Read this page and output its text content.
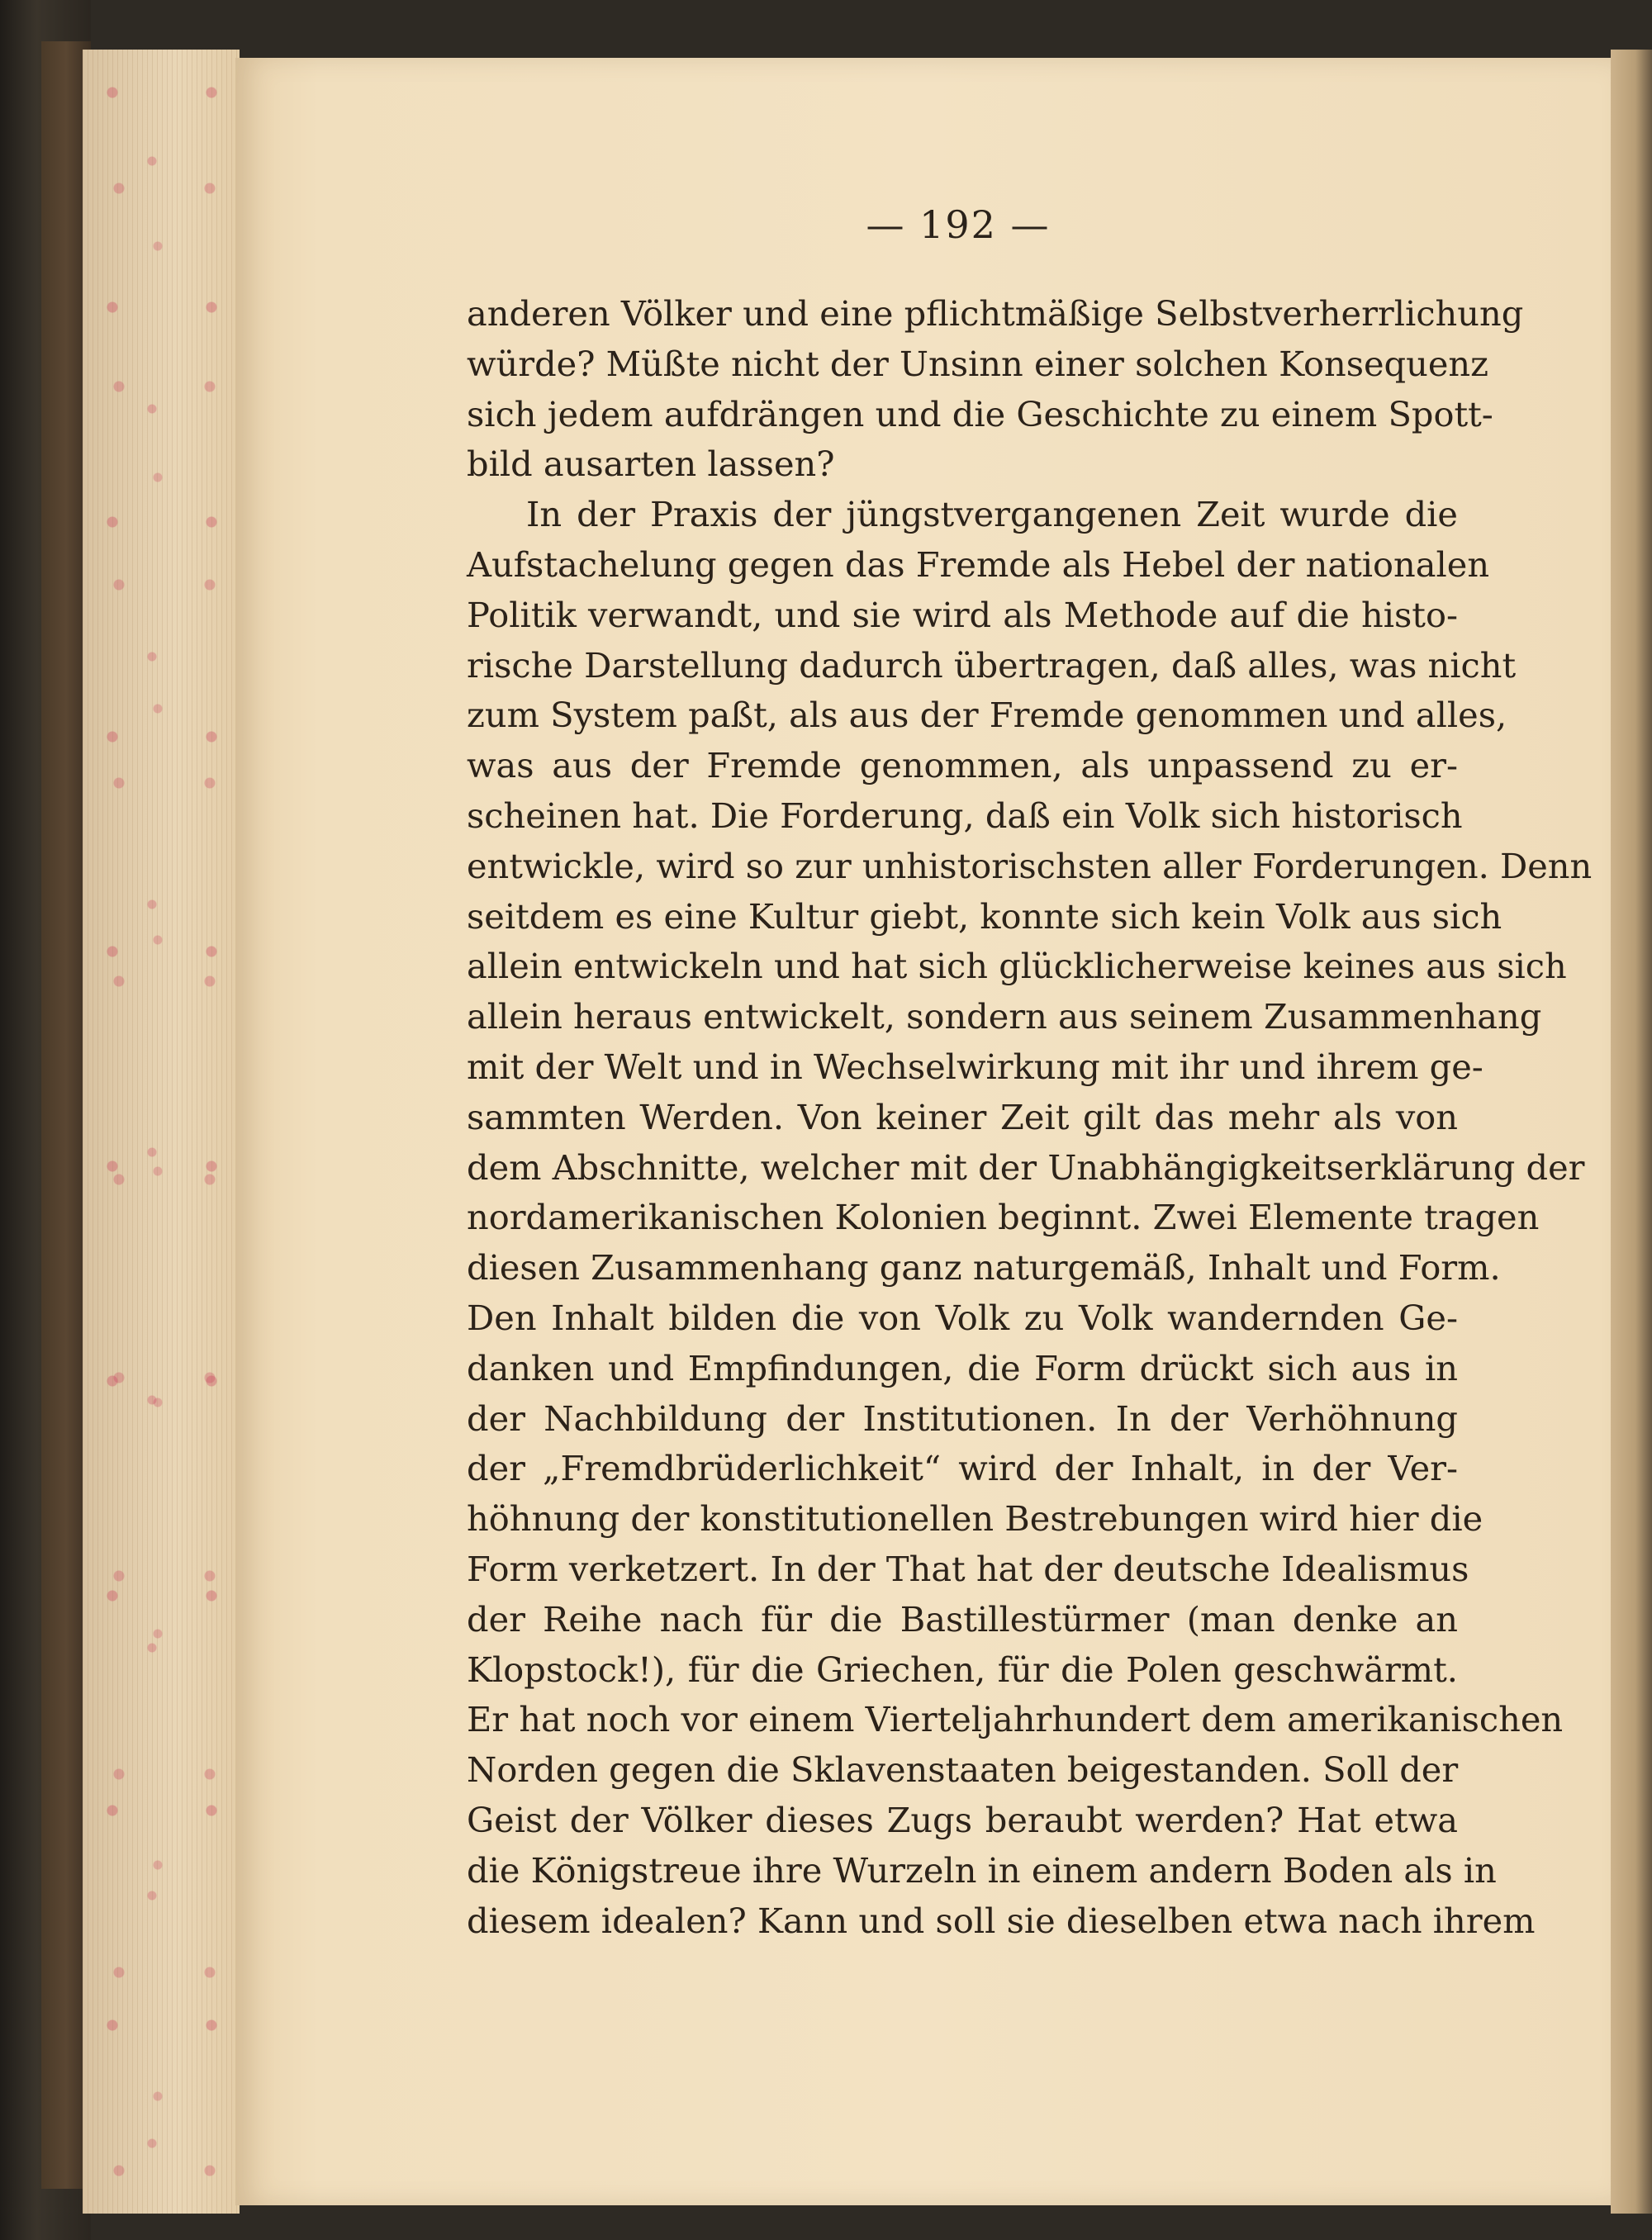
— 192 —
anderen Völker und eine pflichtmäßige Selbstverherrlichung
würde? Müßte nicht der Unsinn einer solchen Konsequenz
sich jedem aufdrängen und die Geschichte zu einem Spott-
bild ausarten lassen?
In der Praxis der jüngstvergangenen Zeit wurde die
Aufstachelung gegen das Fremde als Hebel der nationalen
Politik verwandt, und sie wird als Methode auf die histo-
rische Darstellung dadurch übertragen, daß alles, was nicht
zum System paßt, als aus der Fremde genommen und alles,
was aus der Fremde genommen, als unpassend zu er-
scheinen hat. Die Forderung, daß ein Volk sich historisch
entwickle, wird so zur unhistorischsten aller Forderungen. Denn
seitdem es eine Kultur giebt, konnte sich kein Volk aus sich
allein entwickeln und hat sich glücklicherweise keines aus sich
allein heraus entwickelt, sondern aus seinem Zusammenhang
mit der Welt und in Wechselwirkung mit ihr und ihrem ge-
sammten Werden. Von keiner Zeit gilt das mehr als von
dem Abschnitte, welcher mit der Unabhängigkeitserklärung der
nordamerikanischen Kolonien beginnt. Zwei Elemente tragen
diesen Zusammenhang ganz naturgemäß, Inhalt und Form.
Den Inhalt bilden die von Volk zu Volk wandernden Ge-
danken und Empfindungen, die Form drückt sich aus in
der Nachbildung der Institutionen. In der Verhöhnung
der „Fremdbrüderlichkeit“ wird der Inhalt, in der Ver-
höhnung der konstitutionellen Bestrebungen wird hier die
Form verketzert. In der That hat der deutsche Idealismus
der Reihe nach für die Bastillestürmer (man denke an
Klopstock!), für die Griechen, für die Polen geschwärmt.
Er hat noch vor einem Vierteljahrhundert dem amerikanischen
Norden gegen die Sklavenstaaten beigestanden. Soll der
Geist der Völker dieses Zugs beraubt werden? Hat etwa
die Königstreue ihre Wurzeln in einem andern Boden als in
diesem idealen? Kann und soll sie dieselben etwa nach ihrem
